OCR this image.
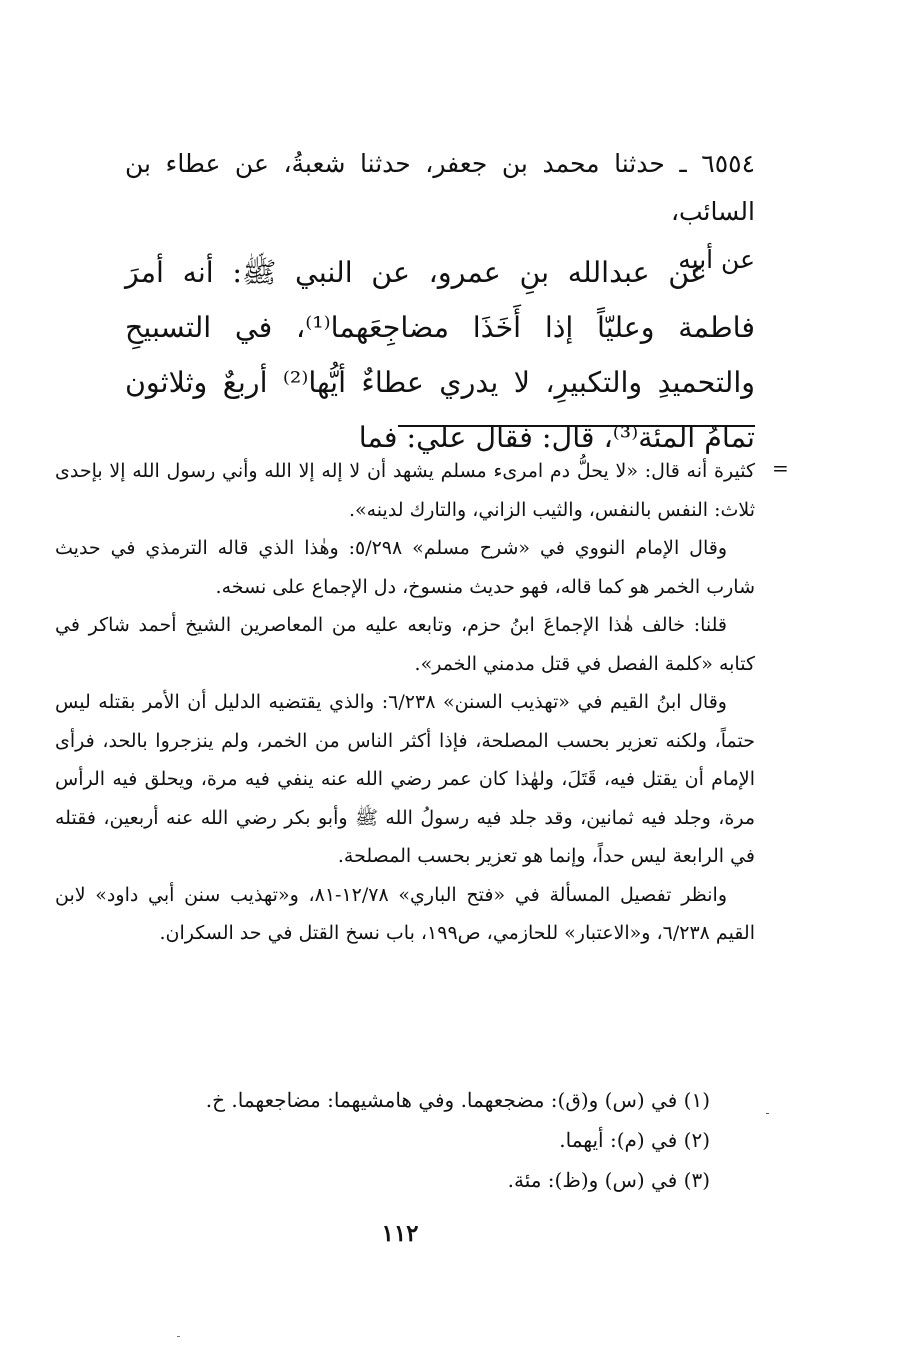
٦٥٥٤ ـ حدثنا محمد بن جعفر، حدثنا شعبةُ، عن عطاء بن السائب،

عن أبيه

عن عبدالله بنِ عمرو، عن النبي ﷺ: أنه أمرَ فاطمة وعليّاً إذا أَخَذَا مضاجِعَهما⁽¹⁾، في التسبيحِ والتحميدِ والتكبيرِ، لا يدري عطاءٌ أيُّها⁽²⁾ أربعٌ وثلاثون تمامُ المئة⁽³⁾، قال: فقال علي: فما

=

كثيرة أنه قال: «لا يحلُّ دم امرىء مسلم يشهد أن لا إله إلا الله وأني رسول الله إلا بإحدى ثلاث: النفس بالنفس، والثيب الزاني، والتارك لدينه».

وقال الإمام النووي في «شرح مسلم» ٥/٢٩٨: وهٰذا الذي قاله الترمذي في حديث شارب الخمر هو كما قاله، فهو حديث منسوخ، دل الإجماع على نسخه.

قلنا: خالف هٰذا الإجماعَ ابنُ حزم، وتابعه عليه من المعاصرين الشيخ أحمد شاكر في كتابه «كلمة الفصل في قتل مدمني الخمر».

وقال ابنُ القيم في «تهذيب السنن» ٦/٢٣٨: والذي يقتضيه الدليل أن الأمر بقتله ليس حتماً، ولكنه تعزير بحسب المصلحة، فإذا أكثر الناس من الخمر، ولم ينزجروا بالحد، فرأى الإمام أن يقتل فيه، قَتَلَ، ولهٰذا كان عمر رضي الله عنه ينفي فيه مرة، ويحلق فيه الرأس مرة، وجلد فيه ثمانين، وقد جلد فيه رسولُ الله ﷺ وأبو بكر رضي الله عنه أربعين، فقتله في الرابعة ليس حداً، وإنما هو تعزير بحسب المصلحة.

وانظر تفصيل المسألة في «فتح الباري» ١٢/٧٨-٨١، و«تهذيب سنن أبي داود» لابن القيم ٦/٢٣٨، و«الاعتبار» للحازمي، ص١٩٩، باب نسخ القتل في حد السكران.

(١) في (س) و(ق): مضجعهما. وفي هامشيهما: مضاجعهما. خ.

(٢) في (م): أيهما.

(٣) في (س) و(ظ): مئة.

١١٢
